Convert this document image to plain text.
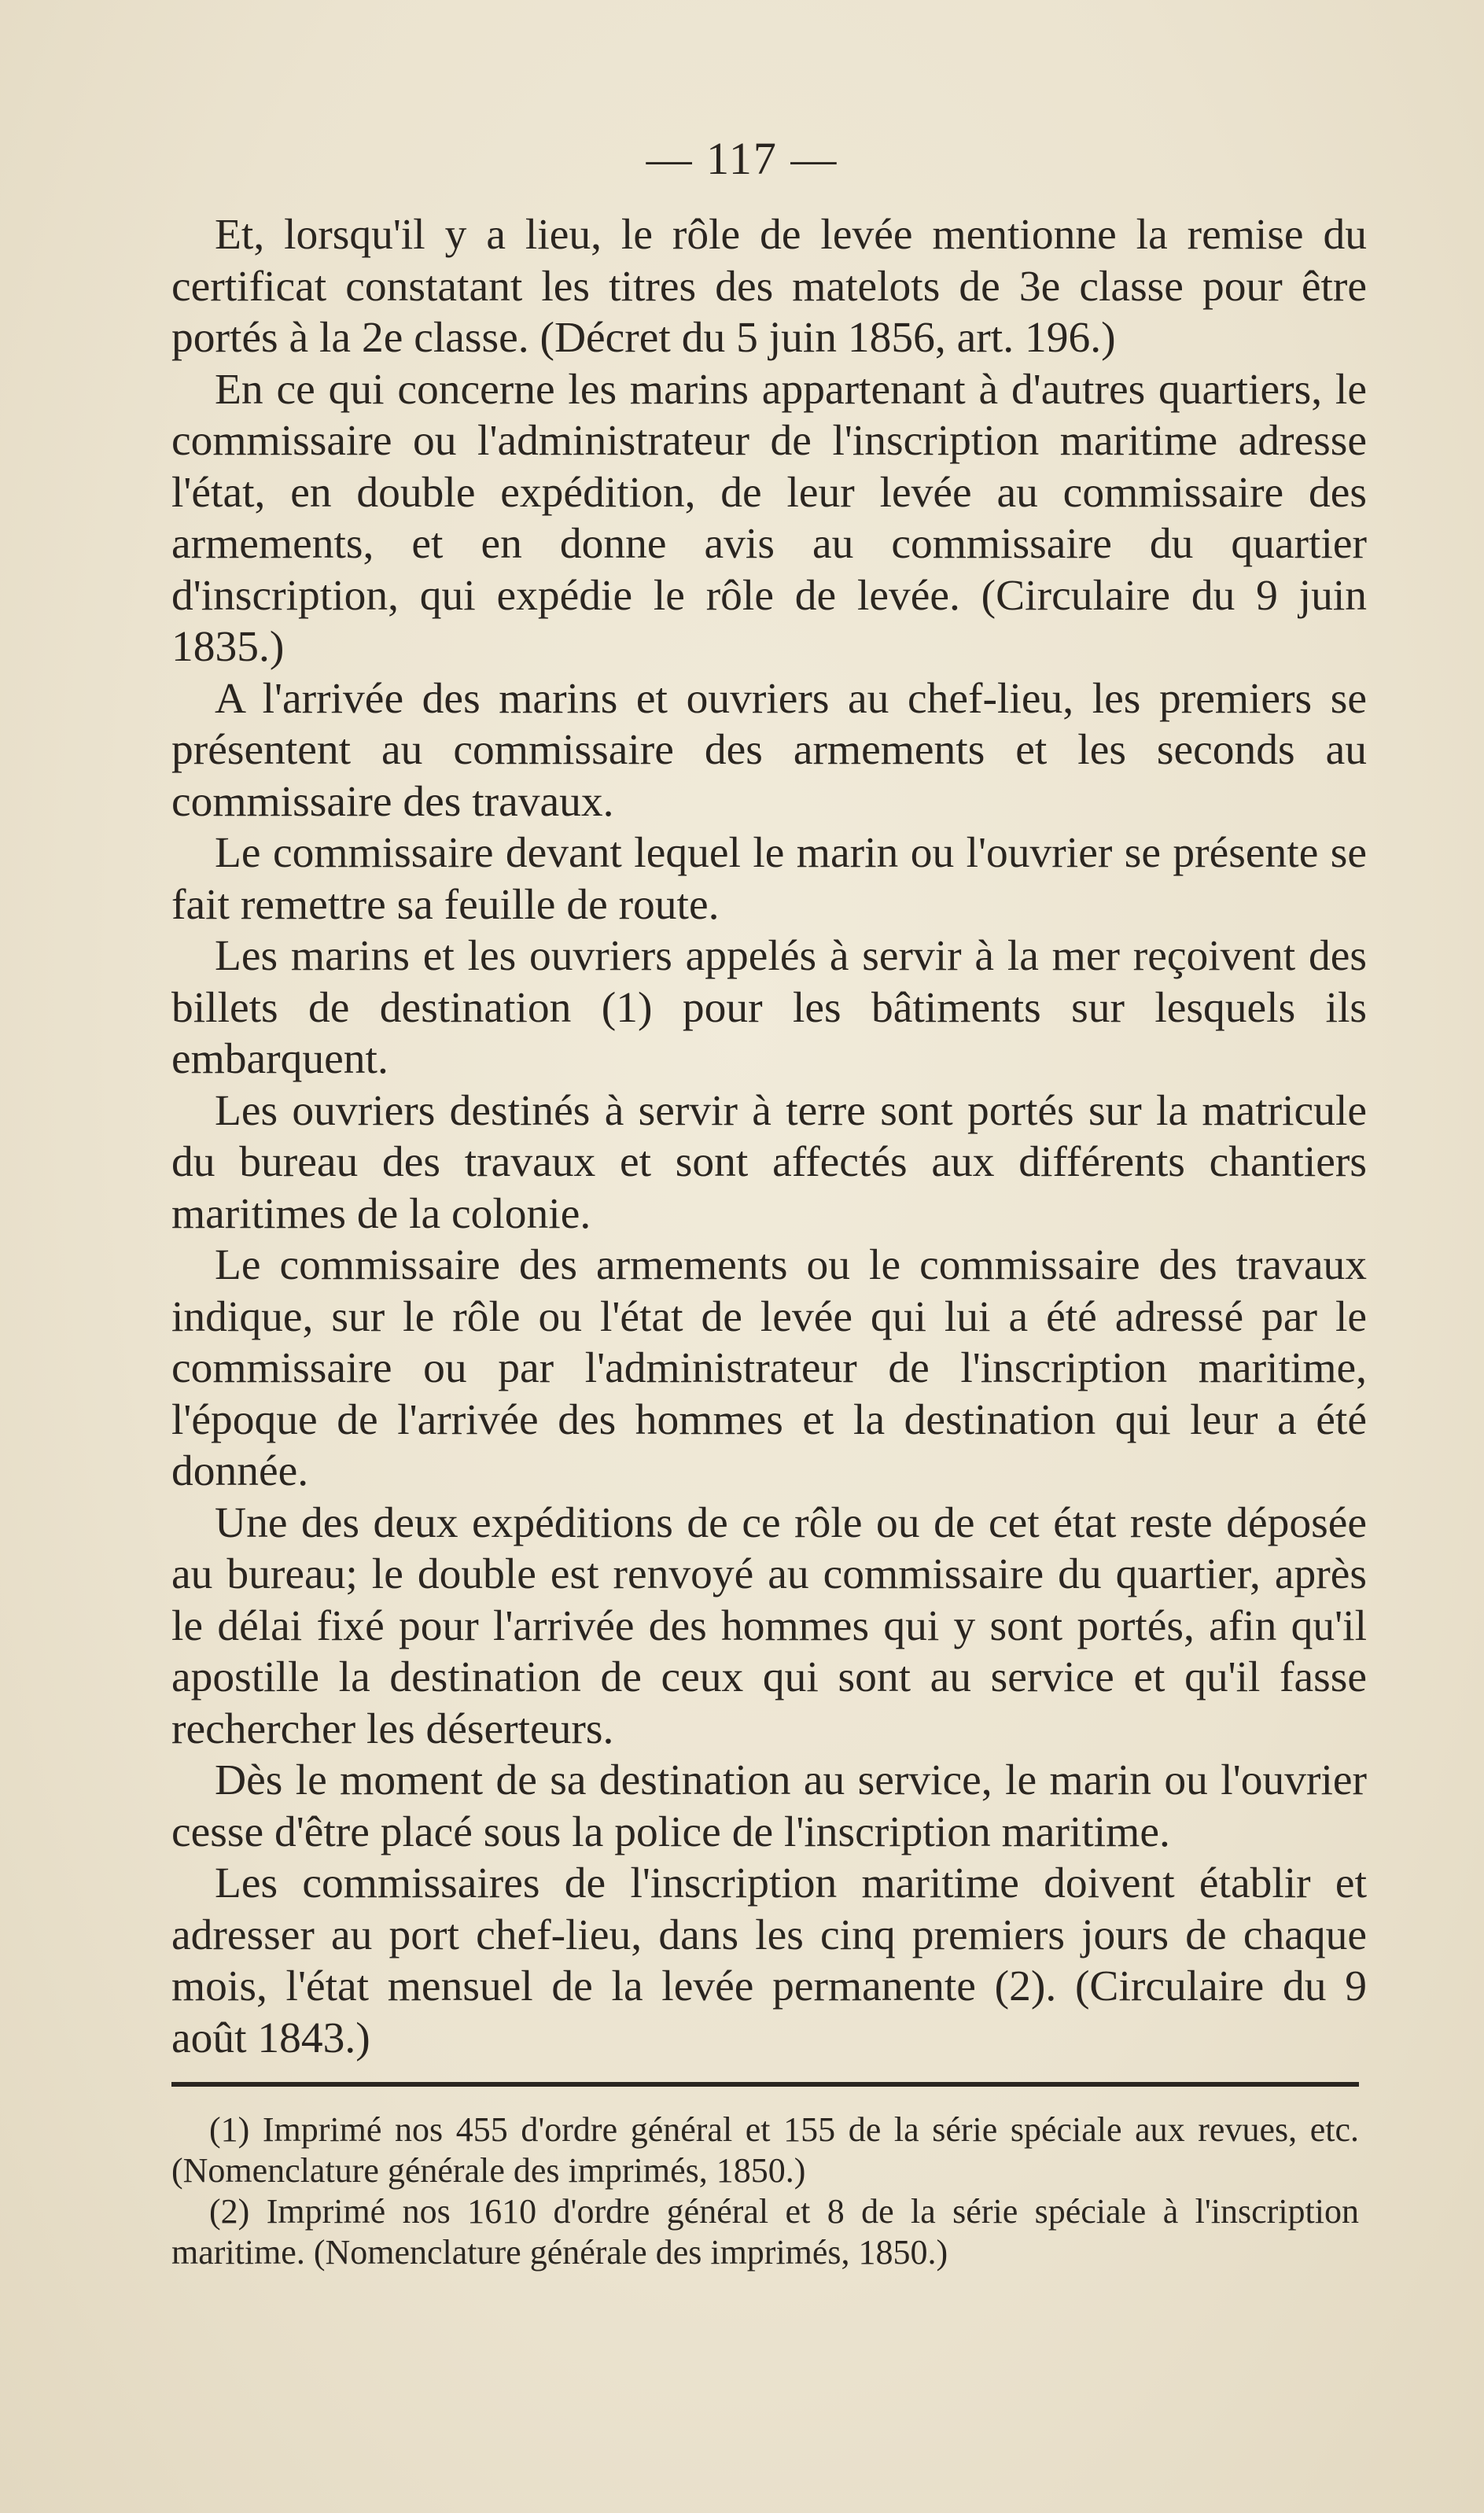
— 117 —

Et, lorsqu'il y a lieu, le rôle de levée mentionne la remise du certificat constatant les titres des matelots de 3e classe pour être portés à la 2e classe. (Décret du 5 juin 1856, art. 196.)

En ce qui concerne les marins appartenant à d'autres quartiers, le commissaire ou l'administrateur de l'inscription maritime adresse l'état, en double expédition, de leur levée au commissaire des armements, et en donne avis au commissaire du quartier d'inscription, qui expédie le rôle de levée. (Circulaire du 9 juin 1835.)

A l'arrivée des marins et ouvriers au chef-lieu, les premiers se présentent au commissaire des armements et les seconds au commissaire des travaux.

Le commissaire devant lequel le marin ou l'ouvrier se présente se fait remettre sa feuille de route.

Les marins et les ouvriers appelés à servir à la mer reçoivent des billets de destination (1) pour les bâtiments sur lesquels ils embarquent.

Les ouvriers destinés à servir à terre sont portés sur la matricule du bureau des travaux et sont affectés aux différents chantiers maritimes de la colonie.

Le commissaire des armements ou le commissaire des travaux indique, sur le rôle ou l'état de levée qui lui a été adressé par le commissaire ou par l'administrateur de l'inscription maritime, l'époque de l'arrivée des hommes et la destination qui leur a été donnée.

Une des deux expéditions de ce rôle ou de cet état reste déposée au bureau; le double est renvoyé au commissaire du quartier, après le délai fixé pour l'arrivée des hommes qui y sont portés, afin qu'il apostille la destination de ceux qui sont au service et qu'il fasse rechercher les déserteurs.

Dès le moment de sa destination au service, le marin ou l'ouvrier cesse d'être placé sous la police de l'inscription maritime.

Les commissaires de l'inscription maritime doivent établir et adresser au port chef-lieu, dans les cinq premiers jours de chaque mois, l'état mensuel de la levée permanente (2). (Circulaire du 9 août 1843.)

(1) Imprimé nos 455 d'ordre général et 155 de la série spéciale aux revues, etc. (Nomenclature générale des imprimés, 1850.)

(2) Imprimé nos 1610 d'ordre général et 8 de la série spéciale à l'inscription maritime. (Nomenclature générale des imprimés, 1850.)
